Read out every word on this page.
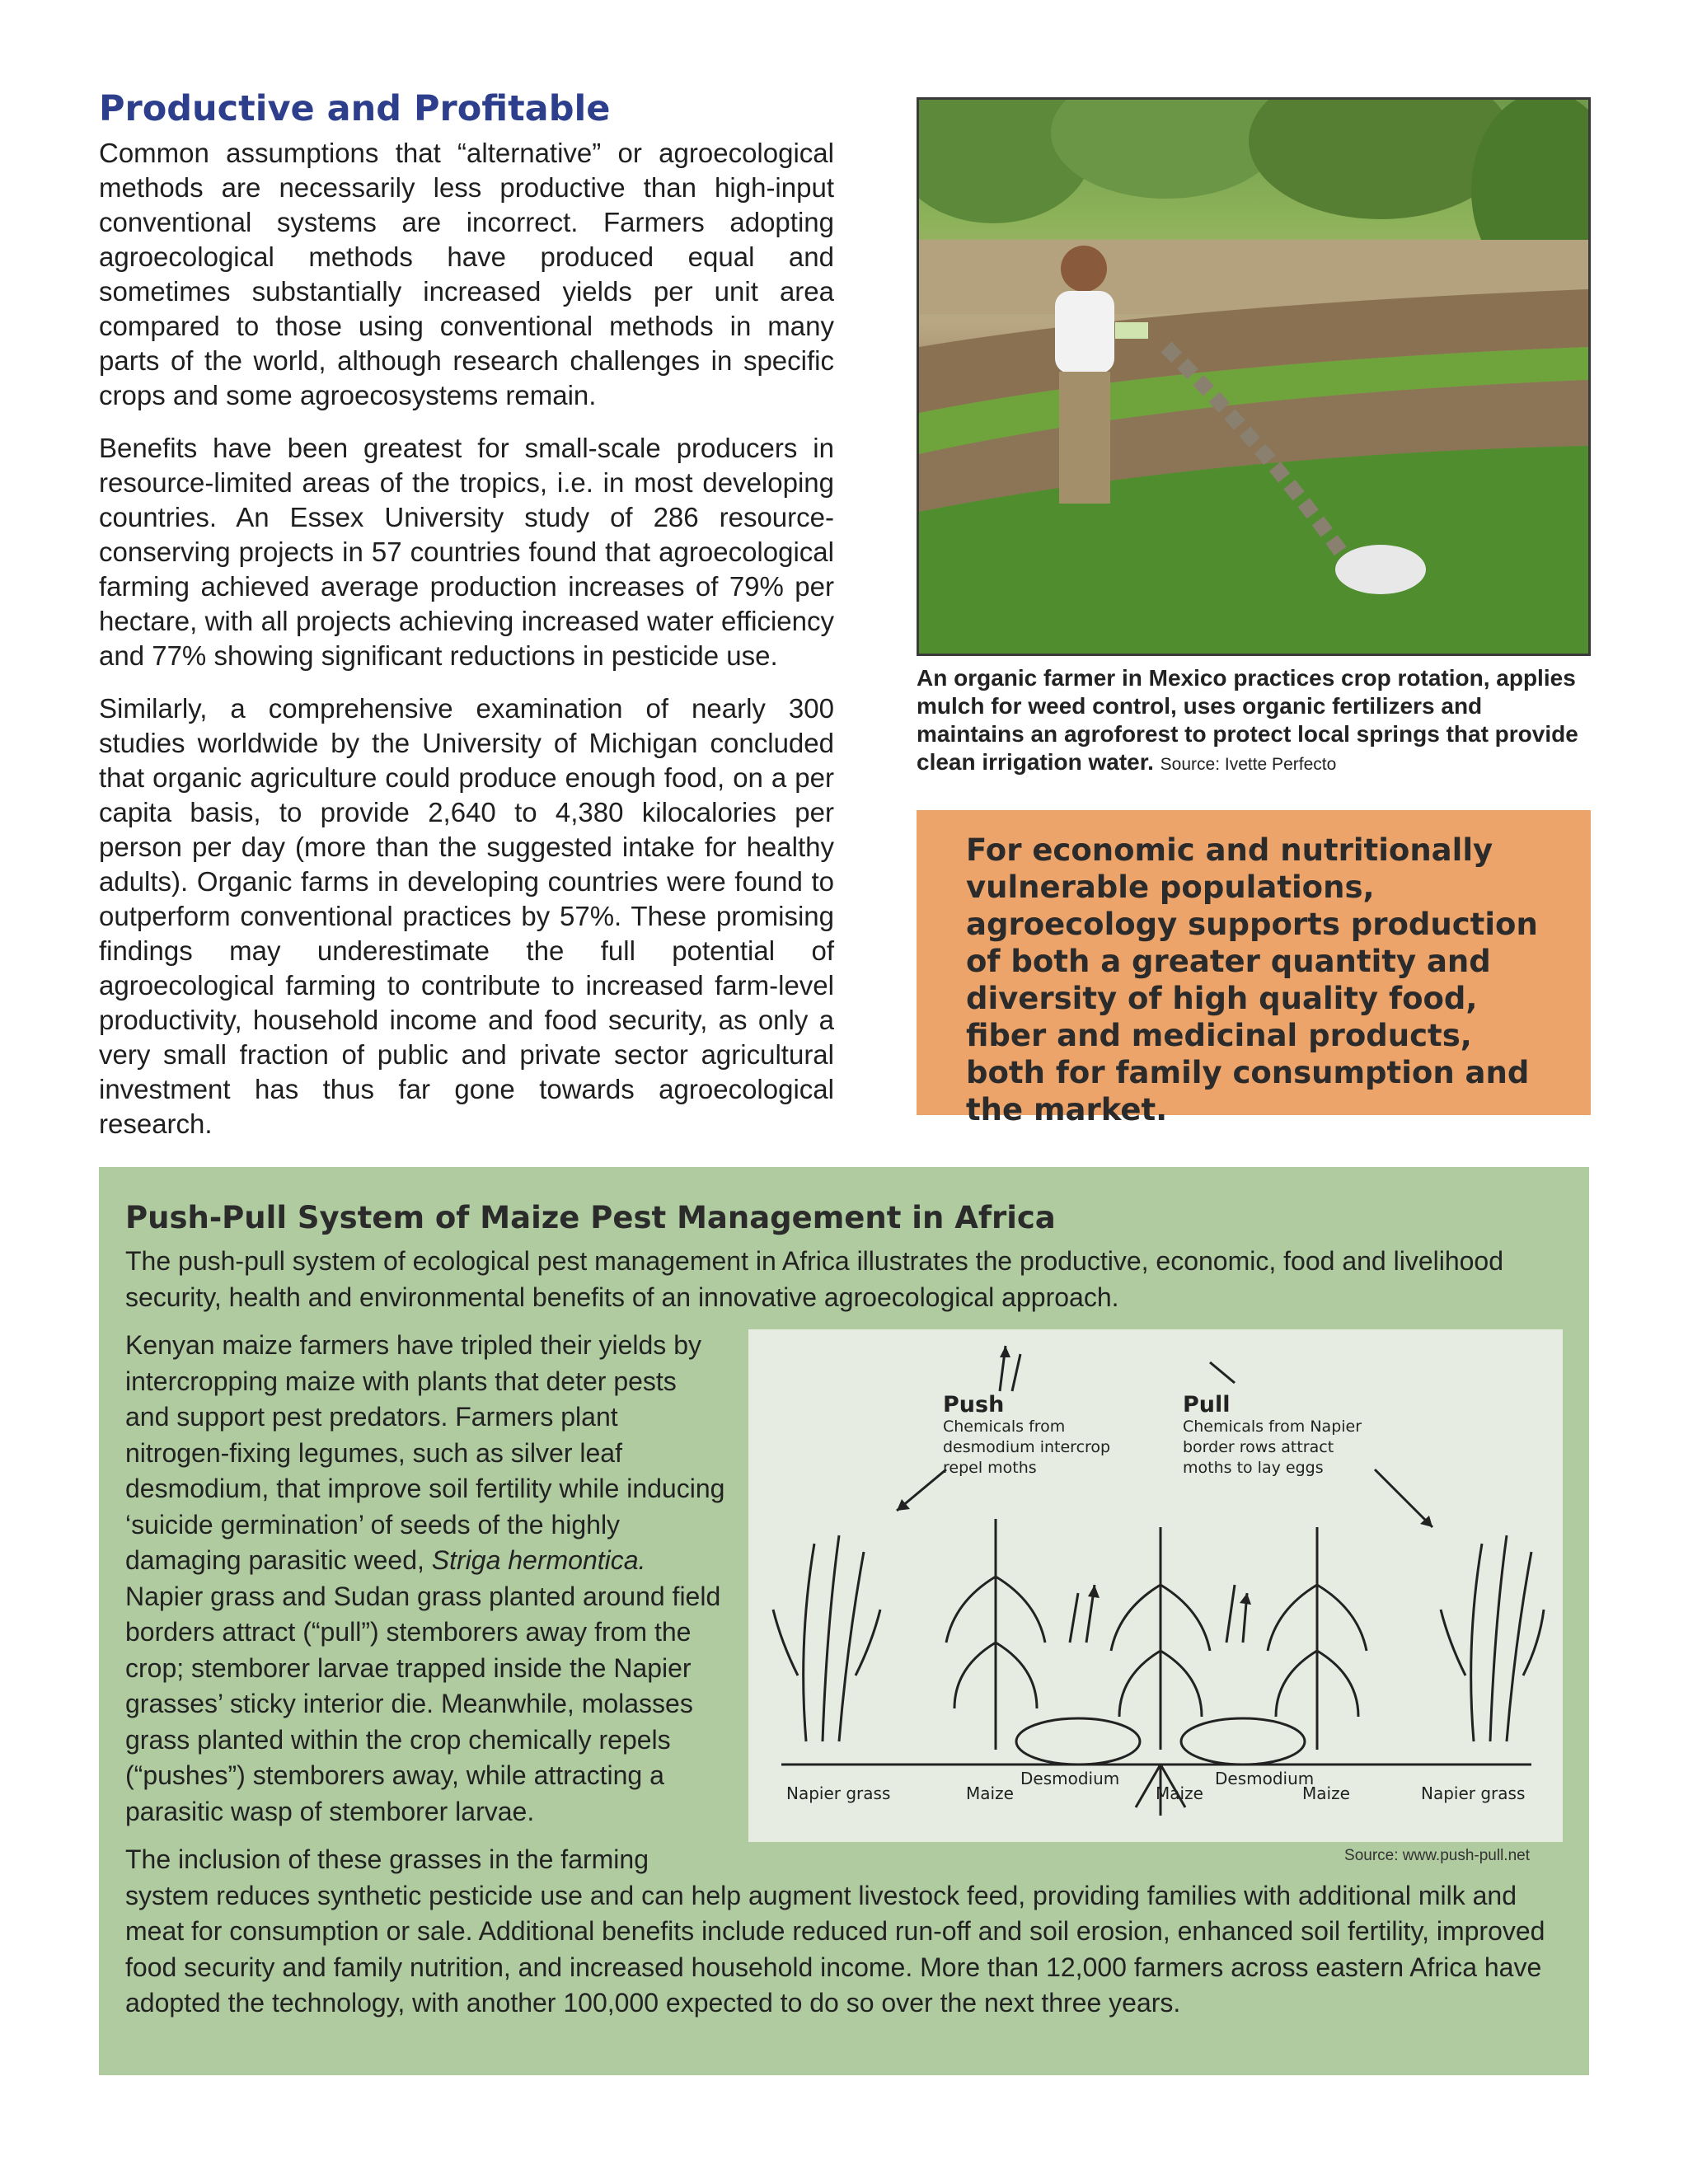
Productive and Profitable

Common assumptions that “alternative” or agroecological methods are necessarily less productive than high-input conventional systems are incorrect. Farmers adopting agroecological methods have produced equal and sometimes substantially increased yields per unit area compared to those using conventional methods in many parts of the world, although research challenges in specific crops and some agroecosystems remain.

Benefits have been greatest for small-scale producers in resource-limited areas of the tropics, i.e. in most developing countries. An Essex University study of 286 resource-conserving projects in 57 countries found that agroecological farming achieved average production increases of 79% per hectare, with all projects achieving increased water efficiency and 77% showing significant reductions in pesticide use.

Similarly, a comprehensive examination of nearly 300 studies worldwide by the University of Michigan concluded that organic agriculture could produce enough food, on a per capita basis, to provide 2,640 to 4,380 kilocalories per person per day (more than the suggested intake for healthy adults). Organic farms in developing countries were found to outperform conventional practices by 57%. These promising findings may underestimate the full potential of agroecological farming to contribute to increased farm-level productivity, household income and food security, as only a very small fraction of public and private sector agricultural investment has thus far gone towards agroecological research.

An organic farmer in Mexico practices crop rotation, applies mulch for weed control, uses organic fertilizers and maintains an agroforest to protect local springs that provide clean irrigation water. Source: Ivette Perfecto
For economic and nutritionally vulnerable populations, agroecology supports production of both a greater quantity and diversity of high quality food, fiber and medicinal products, both for family consumption and the market.
Push-Pull System of Maize Pest Management in Africa

The push-pull system of ecological pest management in Africa illustrates the productive, economic, food and livelihood security, health and environmental benefits of an innovative agroecological approach.

Push
Chemicals from desmodium intercrop repel moths
Pull
Chemicals from Napier border rows attract moths to lay eggs
Napier grass	Maize
Desmodium
Maize
Desmodium
Maize	Napier grass
Source: www.push-pull.net
Kenyan maize farmers have tripled their yields by intercropping maize with plants that deter pests and support pest predators. Farmers plant nitrogen-fixing legumes, such as silver leaf desmodium, that improve soil fertility while inducing ‘suicide germination’ of seeds of the highly damaging parasitic weed, Striga hermontica. Napier grass and Sudan grass planted around field borders attract (“pull”) stemborers away from the crop; stemborer larvae trapped inside the Napier grasses’ sticky interior die. Meanwhile, molasses grass planted within the crop chemically repels (“pushes”) stemborers away, while attracting a parasitic wasp of stemborer larvae.

The inclusion of these grasses in the farming system reduces synthetic pesticide use and can help augment livestock feed, providing families with additional milk and meat for consumption or sale. Additional benefits include reduced run-off and soil erosion, enhanced soil fertility, improved food security and family nutrition, and increased household income. More than 12,000 farmers across eastern Africa have adopted the technology, with another 100,000 expected to do so over the next three years.
